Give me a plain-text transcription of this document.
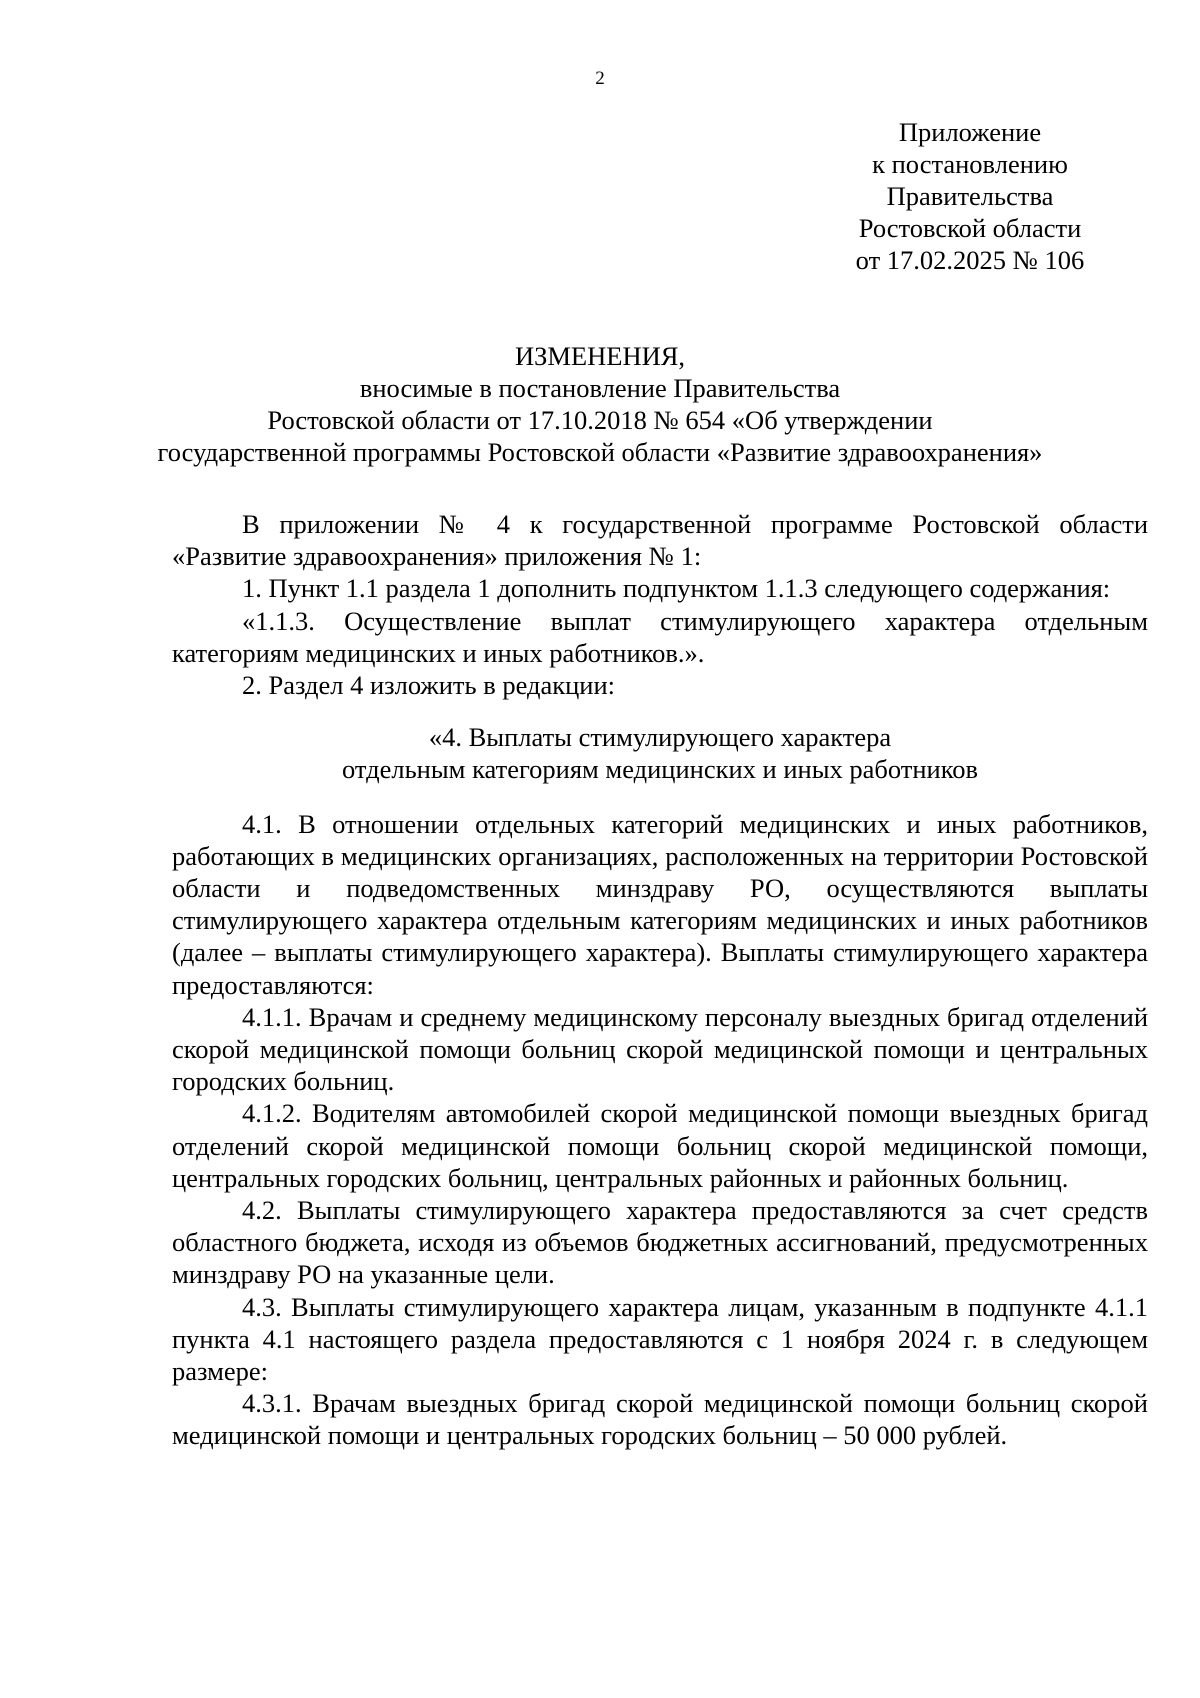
2
Приложение
к постановлению
Правительства
Ростовской области
от 17.02.2025 № 106
ИЗМЕНЕНИЯ,
вносимые в постановление Правительства
Ростовской области от 17.10.2018 № 654 «Об утверждении
государственной программы Ростовской области «Развитие здравоохранения»

В приложении № 4 к государственной программе Ростовской области «Развитие здравоохранения» приложения № 1:

1. Пункт 1.1 раздела 1 дополнить подпунктом 1.1.3 следующего содержания:

«1.1.3. Осуществление выплат стимулирующего характера отдельным категориям медицинских и иных работников.».

2. Раздел 4 изложить в редакции:

«4. Выплаты стимулирующего характера
отдельным категориям медицинских и иных работников

4.1. В отношении отдельных категорий медицинских и иных работников, работающих в медицинских организациях, расположенных на территории Ростовской области и подведомственных минздраву РО, осуществляются выплаты стимулирующего характера отдельным категориям медицинских и иных работников (далее – выплаты стимулирующего характера). Выплаты стимулирующего характера предоставляются:

4.1.1. Врачам и среднему медицинскому персоналу выездных бригад отделений скорой медицинской помощи больниц скорой медицинской помощи и центральных городских больниц.

4.1.2. Водителям автомобилей скорой медицинской помощи выездных бригад отделений скорой медицинской помощи больниц скорой медицинской помощи, центральных городских больниц, центральных районных и районных больниц.

4.2. Выплаты стимулирующего характера предоставляются за счет средств областного бюджета, исходя из объемов бюджетных ассигнований, предусмотренных минздраву РО на указанные цели.

4.3. Выплаты стимулирующего характера лицам, указанным в подпункте 4.1.1 пункта 4.1 настоящего раздела предоставляются с 1 ноября 2024 г. в следующем размере:

4.3.1. Врачам выездных бригад скорой медицинской помощи больниц скорой медицинской помощи и центральных городских больниц – 50 000 рублей.
